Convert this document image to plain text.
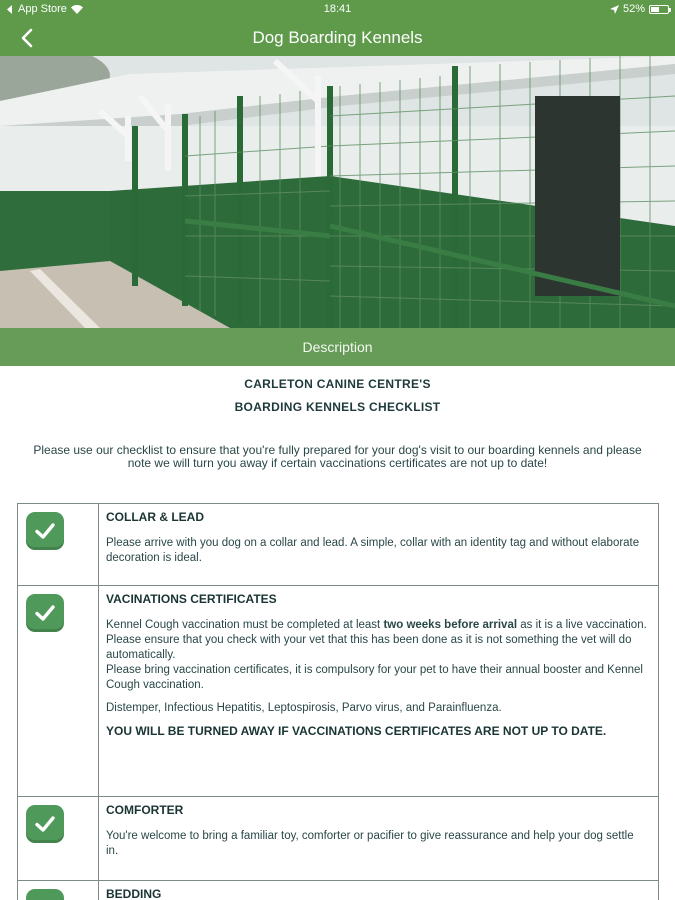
App Store	18:41	52%
Dog Boarding Kennels
Description
CARLETON CANINE CENTRE'S
BOARDING KENNELS CHECKLIST
Please use our checklist to ensure that you're fully prepared for your dog's visit to our boarding kennels and please note we will turn you away if certain vaccinations certificates are not up to date!

COLLAR & LEAD
Please arrive with you dog on a collar and lead. A simple, collar with an identity tag and without elaborate decoration is ideal.

VACINATIONS CERTIFICATES
Kennel Cough vaccination must be completed at least two weeks before arrival as it is a live vaccination. Please ensure that you check with your vet that this has been done as it is not something the vet will do automatically.
Please bring vaccination certificates, it is compulsory for your pet to have their annual booster and Kennel Cough vaccination.
Distemper, Infectious Hepatitis, Leptospirosis, Parvo virus, and Parainfluenza.
YOU WILL BE TURNED AWAY IF VACCINATIONS CERTIFICATES ARE NOT UP TO DATE.

COMFORTER
You're welcome to bring a familiar toy, comforter or pacifier to give reassurance and help your dog settle in.

BEDDING
